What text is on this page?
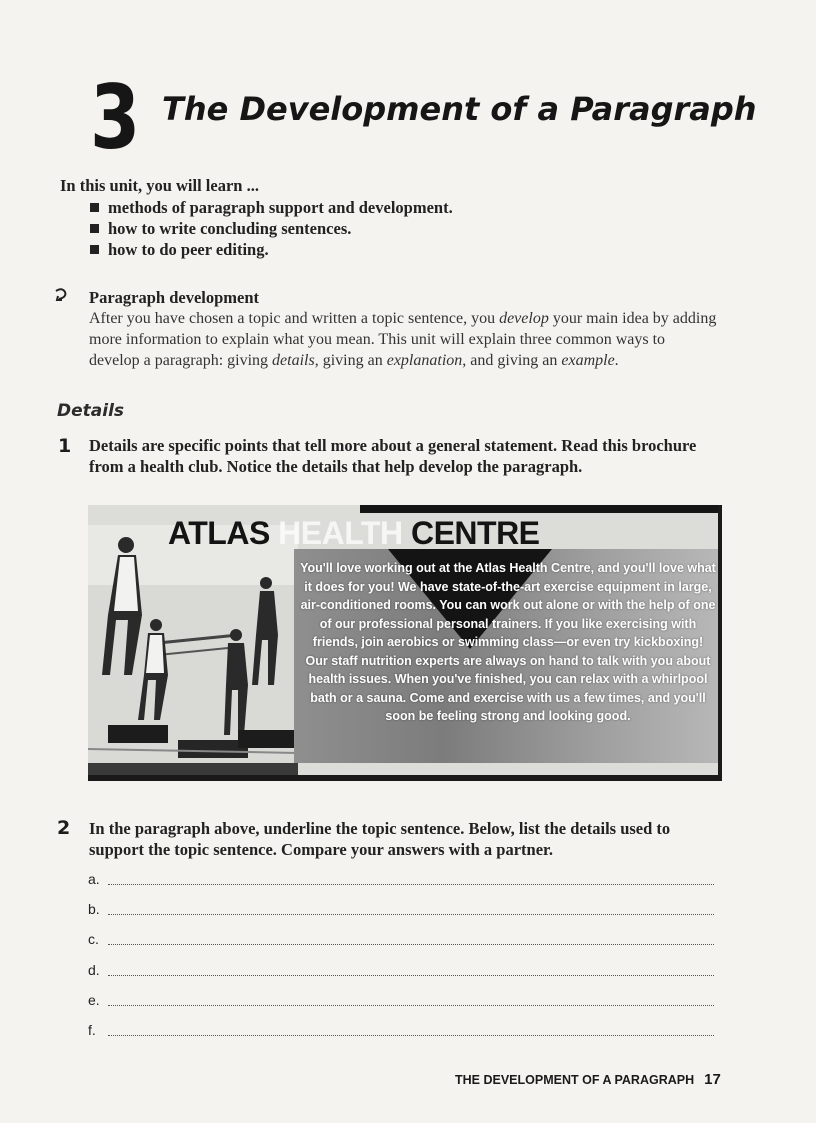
3 The Development of a Paragraph
In this unit, you will learn ...
methods of paragraph support and development.
how to write concluding sentences.
how to do peer editing.
Paragraph development
After you have chosen a topic and written a topic sentence, you develop your main idea by adding more information to explain what you mean. This unit will explain three common ways to develop a paragraph: giving details, giving an explanation, and giving an example.
Details
1 Details are specific points that tell more about a general statement. Read this brochure from a health club. Notice the details that help develop the paragraph.
ATLAS HEALTH CENTRE
You'll love working out at the Atlas Health Centre, and you'll love what it does for you! We have state-of-the-art exercise equipment in large, air-conditioned rooms. You can work out alone or with the help of one of our professional personal trainers. If you like exercising with friends, join aerobics or swimming class—or even try kickboxing! Our staff nutrition experts are always on hand to talk with you about health issues. When you've finished, you can relax with a whirlpool bath or a sauna. Come and exercise with us a few times, and you'll soon be feeling strong and looking good.
2 In the paragraph above, underline the topic sentence. Below, list the details used to support the topic sentence. Compare your answers with a partner.
a.
b.
c.
d.
e.
f.
THE DEVELOPMENT OF A PARAGRAPH 17
